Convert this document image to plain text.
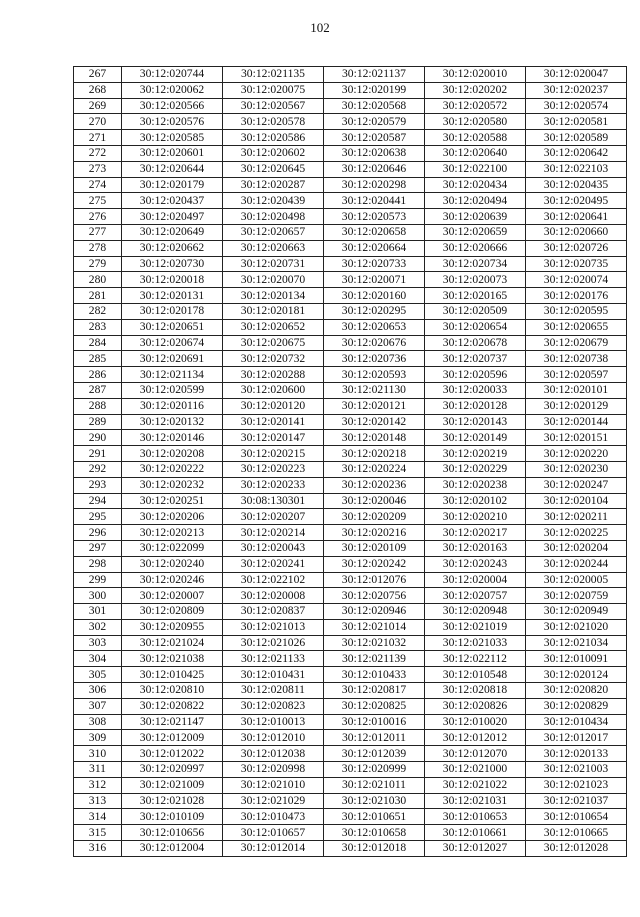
102
267	30:12:020744	30:12:021135	30:12:021137	30:12:020010	30:12:020047
268	30:12:020062	30:12:020075	30:12:020199	30:12:020202	30:12:020237
269	30:12:020566	30:12:020567	30:12:020568	30:12:020572	30:12:020574
270	30:12:020576	30:12:020578	30:12:020579	30:12:020580	30:12:020581
271	30:12:020585	30:12:020586	30:12:020587	30:12:020588	30:12:020589
272	30:12:020601	30:12:020602	30:12:020638	30:12:020640	30:12:020642
273	30:12:020644	30:12:020645	30:12:020646	30:12:022100	30:12:022103
274	30:12:020179	30:12:020287	30:12:020298	30:12:020434	30:12:020435
275	30:12:020437	30:12:020439	30:12:020441	30:12:020494	30:12:020495
276	30:12:020497	30:12:020498	30:12:020573	30:12:020639	30:12:020641
277	30:12:020649	30:12:020657	30:12:020658	30:12:020659	30:12:020660
278	30:12:020662	30:12:020663	30:12:020664	30:12:020666	30:12:020726
279	30:12:020730	30:12:020731	30:12:020733	30:12:020734	30:12:020735
280	30:12:020018	30:12:020070	30:12:020071	30:12:020073	30:12:020074
281	30:12:020131	30:12:020134	30:12:020160	30:12:020165	30:12:020176
282	30:12:020178	30:12:020181	30:12:020295	30:12:020509	30:12:020595
283	30:12:020651	30:12:020652	30:12:020653	30:12:020654	30:12:020655
284	30:12:020674	30:12:020675	30:12:020676	30:12:020678	30:12:020679
285	30:12:020691	30:12:020732	30:12:020736	30:12:020737	30:12:020738
286	30:12:021134	30:12:020288	30:12:020593	30:12:020596	30:12:020597
287	30:12:020599	30:12:020600	30:12:021130	30:12:020033	30:12:020101
288	30:12:020116	30:12:020120	30:12:020121	30:12:020128	30:12:020129
289	30:12:020132	30:12:020141	30:12:020142	30:12:020143	30:12:020144
290	30:12:020146	30:12:020147	30:12:020148	30:12:020149	30:12:020151
291	30:12:020208	30:12:020215	30:12:020218	30:12:020219	30:12:020220
292	30:12:020222	30:12:020223	30:12:020224	30:12:020229	30:12:020230
293	30:12:020232	30:12:020233	30:12:020236	30:12:020238	30:12:020247
294	30:12:020251	30:08:130301	30:12:020046	30:12:020102	30:12:020104
295	30:12:020206	30:12:020207	30:12:020209	30:12:020210	30:12:020211
296	30:12:020213	30:12:020214	30:12:020216	30:12:020217	30:12:020225
297	30:12:022099	30:12:020043	30:12:020109	30:12:020163	30:12:020204
298	30:12:020240	30:12:020241	30:12:020242	30:12:020243	30:12:020244
299	30:12:020246	30:12:022102	30:12:012076	30:12:020004	30:12:020005
300	30:12:020007	30:12:020008	30:12:020756	30:12:020757	30:12:020759
301	30:12:020809	30:12:020837	30:12:020946	30:12:020948	30:12:020949
302	30:12:020955	30:12:021013	30:12:021014	30:12:021019	30:12:021020
303	30:12:021024	30:12:021026	30:12:021032	30:12:021033	30:12:021034
304	30:12:021038	30:12:021133	30:12:021139	30:12:022112	30:12:010091
305	30:12:010425	30:12:010431	30:12:010433	30:12:010548	30:12:020124
306	30:12:020810	30:12:020811	30:12:020817	30:12:020818	30:12:020820
307	30:12:020822	30:12:020823	30:12:020825	30:12:020826	30:12:020829
308	30:12:021147	30:12:010013	30:12:010016	30:12:010020	30:12:010434
309	30:12:012009	30:12:012010	30:12:012011	30:12:012012	30:12:012017
310	30:12:012022	30:12:012038	30:12:012039	30:12:012070	30:12:020133
311	30:12:020997	30:12:020998	30:12:020999	30:12:021000	30:12:021003
312	30:12:021009	30:12:021010	30:12:021011	30:12:021022	30:12:021023
313	30:12:021028	30:12:021029	30:12:021030	30:12:021031	30:12:021037
314	30:12:010109	30:12:010473	30:12:010651	30:12:010653	30:12:010654
315	30:12:010656	30:12:010657	30:12:010658	30:12:010661	30:12:010665
316	30:12:012004	30:12:012014	30:12:012018	30:12:012027	30:12:012028
